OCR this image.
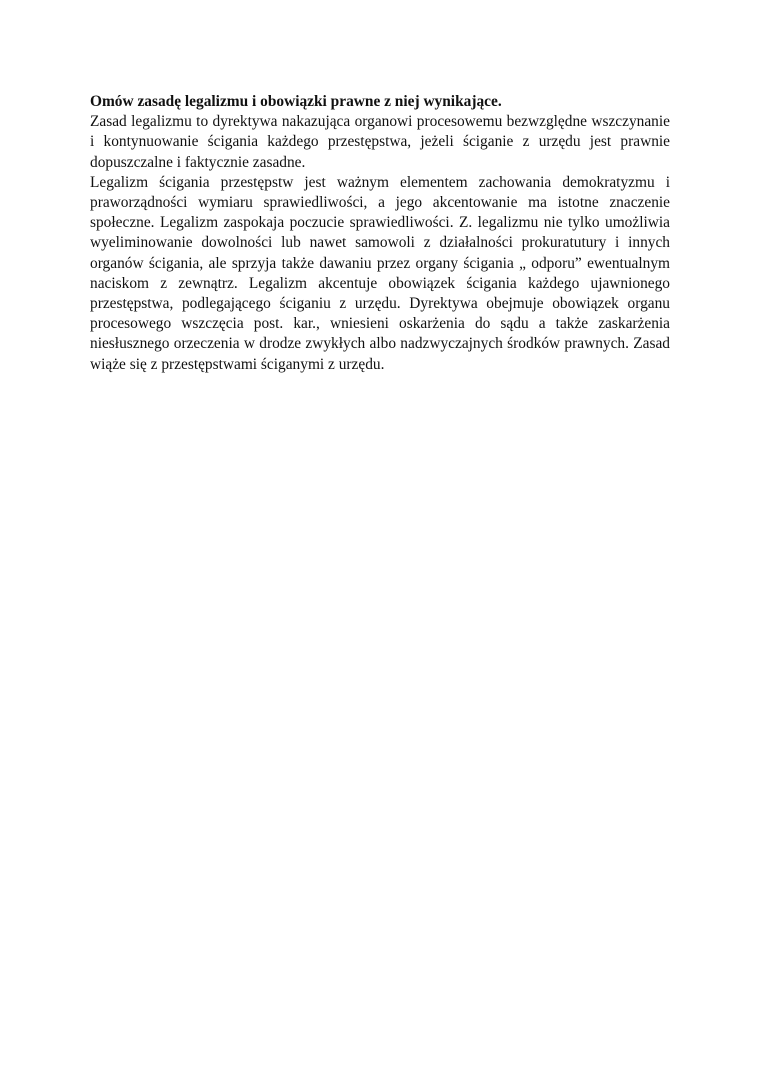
Omów zasadę legalizmu i obowiązki prawne z niej wynikające.

Zasad legalizmu to dyrektywa nakazująca organowi procesowemu bezwzględne wszczynanie i kontynuowanie ścigania każdego przestępstwa, jeżeli ściganie z urzędu jest prawnie dopuszczalne i faktycznie zasadne.

Legalizm ścigania przestępstw jest ważnym elementem zachowania demokratyzmu i praworządności wymiaru sprawiedliwości, a jego akcentowanie ma istotne znaczenie społeczne. Legalizm zaspokaja poczucie sprawiedliwości. Z. legalizmu nie tylko umożliwia wyeliminowanie dowolności lub nawet samowoli z działalności prokuratutury i innych organów ścigania, ale sprzyja także dawaniu przez organy ścigania „ odporu” ewentualnym naciskom z zewnątrz. Legalizm akcentuje obowiązek ścigania każdego ujawnionego przestępstwa, podlegającego ściganiu z urzędu. Dyrektywa obejmuje obowiązek organu procesowego wszczęcia post. kar., wniesieni oskarżenia do sądu a także zaskarżenia niesłusznego orzeczenia w drodze zwykłych albo nadzwyczajnych środków prawnych. Zasad wiąże się z przestępstwami ściganymi z urzędu.
